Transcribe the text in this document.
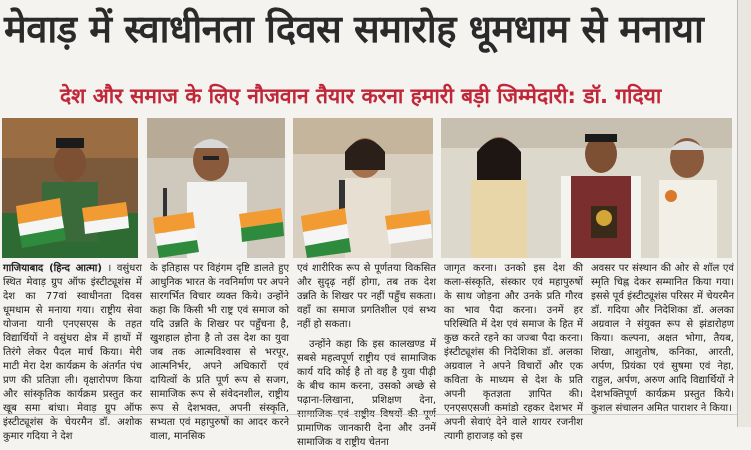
मेवाड़ में स्वाधीनता दिवस समारोह धूमधाम से मनाया
देश और समाज के लिए नौजवान तैयार करना हमारी बड़ी जिम्मेदारी: डॉ. गदिया

गाजियाबाद (हिन्द आत्मा) । वसुंधरा स्थित मेवाड़ ग्रुप ऑफ इंस्टीट्यूशंस में देश का 77वां स्वाधीनता दिवस धूमधाम से मनाया गया। राष्ट्रीय सेवा योजना यानी एनएसएस के तहत विद्यार्थियों ने वसुंधरा क्षेत्र में हाथों में तिरंगे लेकर पैदल मार्च किया। मेरी माटी मेरा देश कार्यक्रम के अंतर्गत पंच प्रण की प्रतिज्ञा ली। वृक्षारोपण किया और सांस्कृतिक कार्यक्रम प्रस्तुत कर खूब समा बांधा। मेवाड़ ग्रुप ऑफ इंस्टीट्यूशंस के चेयरमैन डॉ. अशोक कुमार गदिया ने देश

के इतिहास पर विहंगम दृष्टि डालते हुए आधुनिक भारत के नवनिर्माण पर अपने सारगर्भित विचार व्यक्त किये। उन्होंने कहा कि किसी भी राष्ट्र एवं समाज को यदि उन्नति के शिखर पर पहुँचना है, खुशहाल होना है तो उस देश का युवा जब तक आत्मविश्वास से भरपूर, आत्मनिर्भर, अपने अधिकारों एवं दायित्वों के प्रति पूर्ण रूप से सजग, सामाजिक रूप से संवेदनशील, राष्ट्रीय रूप से देशभक्त, अपनी संस्कृति, सभ्यता एवं महापुरुषों का आदर करने वाला, मानसिक

एवं शारीरिक रूप से पूर्णतया विकसित और सुदृढ़ नहीं होगा, तब तक देश उन्नति के शिखर पर नहीं पहुँच सकता। वहाँ का समाज प्रगतिशील एवं सभ्य नहीं हो सकता।

उन्होंने कहा कि इस कालखण्ड में सबसे महत्वपूर्ण राष्ट्रीय एवं सामाजिक कार्य यदि कोई है तो वह है युवा पीढ़ी के बीच काम करना, उसको अच्छे से पढ़ाना-लिखाना, प्रशिक्षण देना, प्रामाणिक जानकारी देना और उनमें सामाजिक व राष्ट्रीय चेतना

जागृत करना। उनको इस देश की कला-संस्कृति, संस्कार एवं महापुरुषों के साथ जोड़ना और उनके प्रति गौरव का भाव पैदा करना। उनमें हर परिस्थिति में देश एवं समाज के हित में कुछ करते रहने का जज्बा पैदा करना। इंस्टीट्यूशंस की निदेशिका डॉ. अलका अग्रवाल ने अपने विचारों और एक कविता के माध्यम से देश के प्रति अपनी कृतज्ञता ज्ञापित की। एनएसएसजी कमांडो रहकर देशभर में अपनी सेवाएं देने वाले शायर रजनीश त्यागी हाराजड़ को इस

अवसर पर संस्थान की ओर से शॉल एवं स्मृति चिह्न देकर सम्मानित किया गया। इससे पूर्व इंस्टीट्यूशंस परिसर में चेयरमैन डॉ. गदिया और निदेशिका डॉ. अलका अग्रवाल ने संयुक्त रूप से झंडारोहण किया। कल्पना, अक्षत भोगा, तैयब, शिखा, आशुतोष, कनिका, आरती, अर्पण, प्रियंका एवं सुषमा एवं नेहा, राहुल, अर्पण, अरुण आदि विद्यार्थियों ने देशभक्तिपूर्ण कार्यक्रम प्रस्तुत किये। कुशल संचालन अमित पाराशर ने किया।
